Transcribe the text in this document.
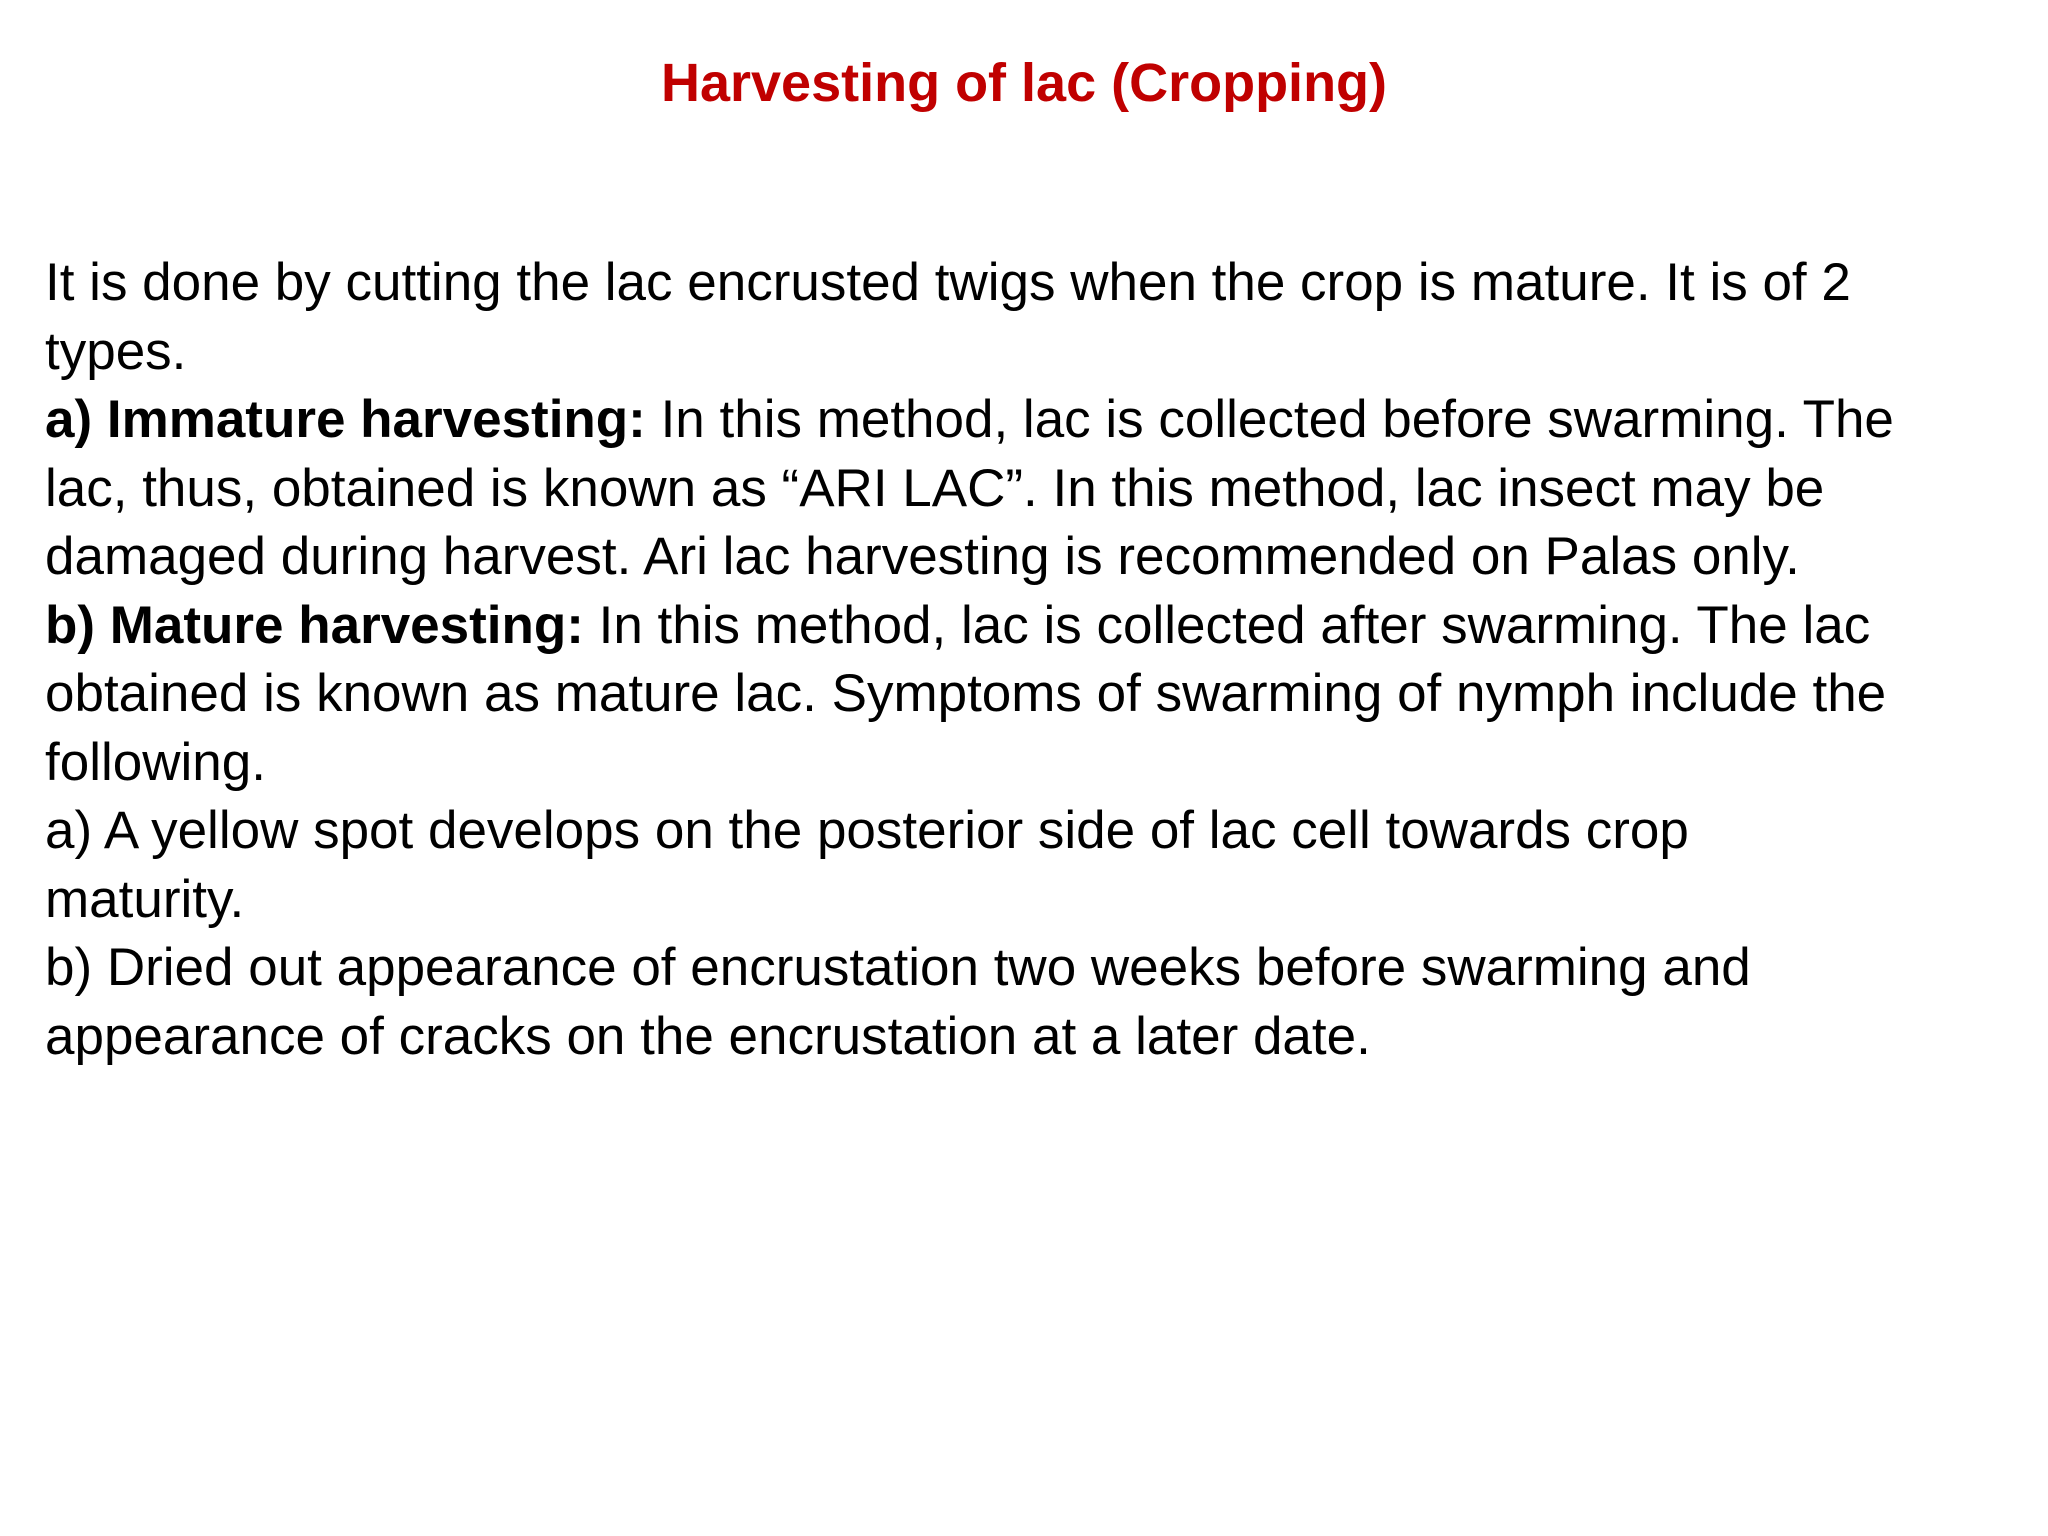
Harvesting of lac (Cropping)

It is done by cutting the lac encrusted twigs when the crop is mature. It is of 2

types.

a) Immature harvesting: In this method, lac is collected before swarming. The

lac, thus, obtained is known as “ARI LAC”. In this method, lac insect may be

damaged during harvest. Ari lac harvesting is recommended on Palas only.

b) Mature harvesting: In this method, lac is collected after swarming. The lac

obtained is known as mature lac. Symptoms of swarming of nymph include the

following.

a) A yellow spot develops on the posterior side of lac cell towards crop

maturity.

b) Dried out appearance of encrustation two weeks before swarming and

appearance of cracks on the encrustation at a later date.
